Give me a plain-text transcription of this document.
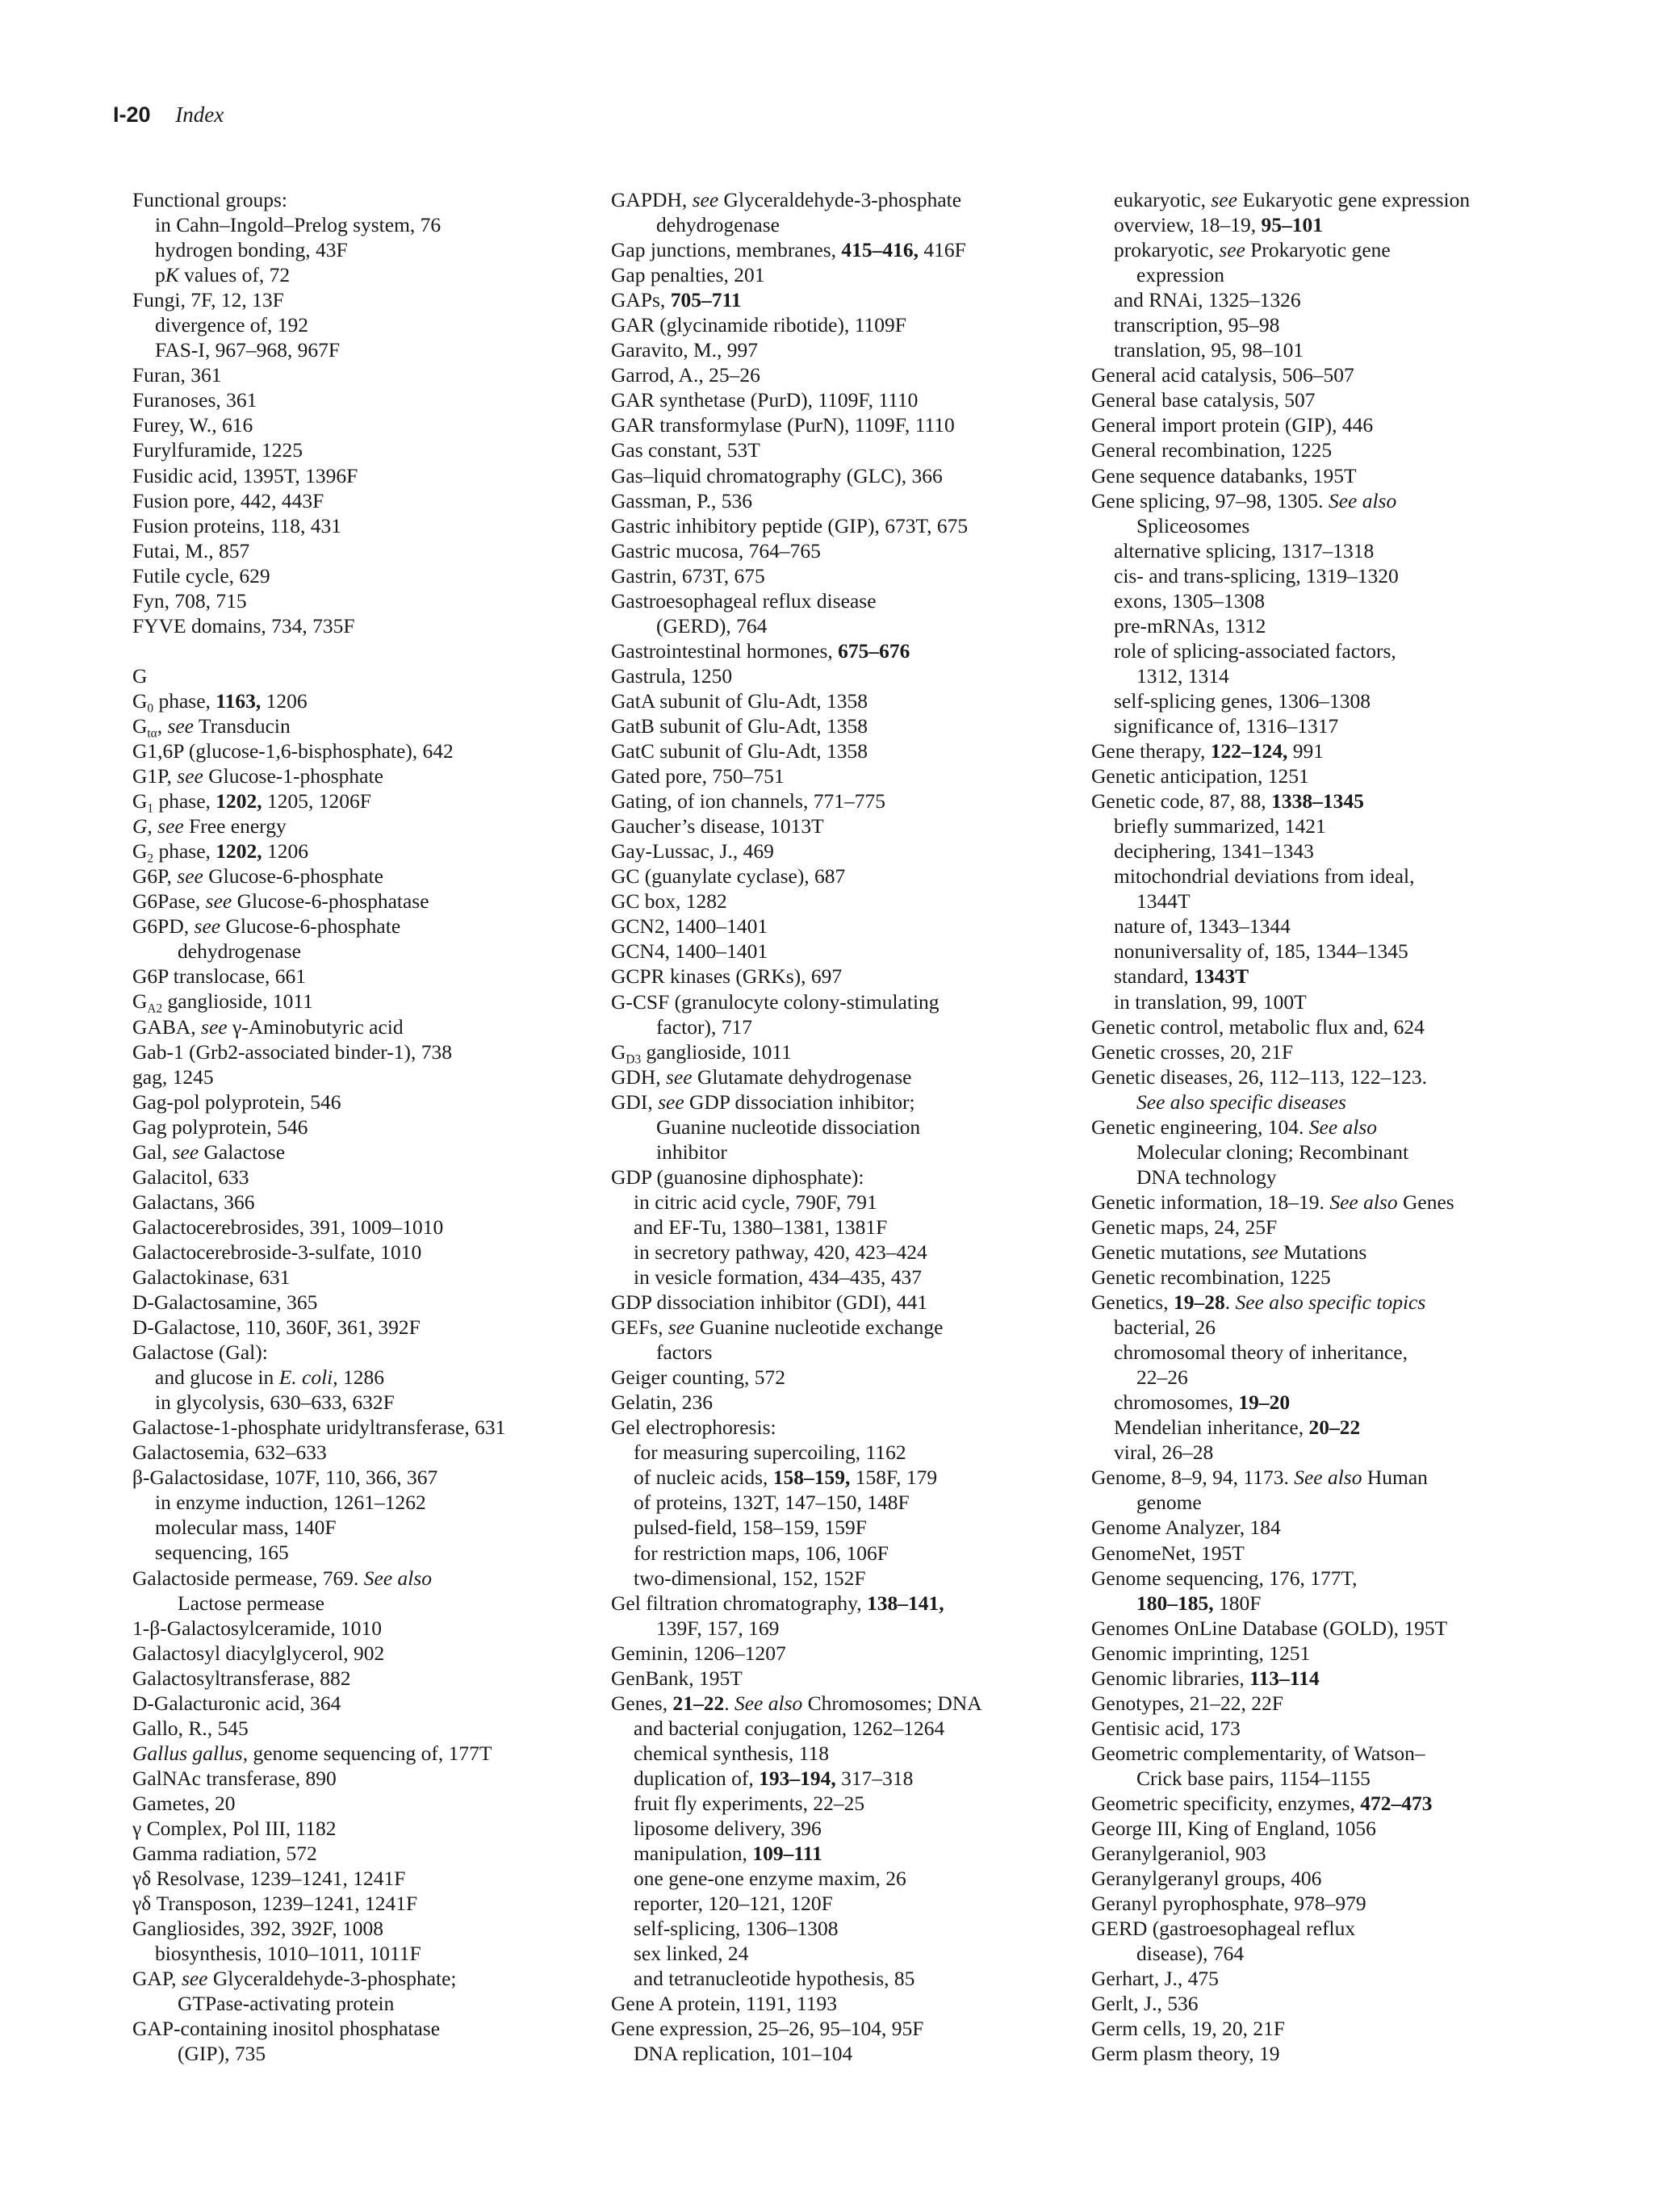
I-20 Index
Functional groups:
in Cahn–Ingold–Prelog system, 76
hydrogen bonding, 43F
pK values of, 72
Fungi, 7F, 12, 13F
divergence of, 192
FAS-I, 967–968, 967F
Furan, 361
Furanoses, 361
Furey, W., 616
Furylfuramide, 1225
Fusidic acid, 1395T, 1396F
Fusion pore, 442, 443F
Fusion proteins, 118, 431
Futai, M., 857
Futile cycle, 629
Fyn, 708, 715
FYVE domains, 734, 735F
G
$G_0$ phase, 1163, 1206
$G_{t\alpha}$, see Transducin
G1,6P (glucose-1,6-bisphosphate), 642
G1P, see Glucose-1-phosphate
$G_1$ phase, 1202, 1205, 1206F
G, see Free energy
$G_2$ phase, 1202, 1206
G6P, see Glucose-6-phosphate
G6Pase, see Glucose-6-phosphatase
G6PD, see Glucose-6-phosphate
dehydrogenase
G6P translocase, 661
$G_{A2}$ ganglioside, 1011
GABA, see γ-Aminobutyric acid
Gab-1 (Grb2-associated binder-1), 738
gag, 1245
Gag-pol polyprotein, 546
Gag polyprotein, 546
Gal, see Galactose
Galacitol, 633
Galactans, 366
Galactocerebrosides, 391, 1009–1010
Galactocerebroside-3-sulfate, 1010
Galactokinase, 631
D-Galactosamine, 365
D-Galactose, 110, 360F, 361, 392F
Galactose (Gal):
and glucose in E. coli, 1286
in glycolysis, 630–633, 632F
Galactose-1-phosphate uridyltransferase, 631
Galactosemia, 632–633
β-Galactosidase, 107F, 110, 366, 367
in enzyme induction, 1261–1262
molecular mass, 140F
sequencing, 165
Galactoside permease, 769. See also
Lactose permease
1-β-Galactosylceramide, 1010
Galactosyl diacylglycerol, 902
Galactosyltransferase, 882
D-Galacturonic acid, 364
Gallo, R., 545
Gallus gallus, genome sequencing of, 177T
GalNAc transferase, 890
Gametes, 20
γ Complex, Pol III, 1182
Gamma radiation, 572
γδ Resolvase, 1239–1241, 1241F
γδ Transposon, 1239–1241, 1241F
Gangliosides, 392, 392F, 1008
biosynthesis, 1010–1011, 1011F
GAP, see Glyceraldehyde-3-phosphate;
GTPase-activating protein
GAP-containing inositol phosphatase
(GIP), 735
GAPDH, see Glyceraldehyde-3-phosphate
dehydrogenase
Gap junctions, membranes, 415–416, 416F
Gap penalties, 201
GAPs, 705–711
GAR (glycinamide ribotide), 1109F
Garavito, M., 997
Garrod, A., 25–26
GAR synthetase (PurD), 1109F, 1110
GAR transformylase (PurN), 1109F, 1110
Gas constant, 53T
Gas–liquid chromatography (GLC), 366
Gassman, P., 536
Gastric inhibitory peptide (GIP), 673T, 675
Gastric mucosa, 764–765
Gastrin, 673T, 675
Gastroesophageal reflux disease
(GERD), 764
Gastrointestinal hormones, 675–676
Gastrula, 1250
GatA subunit of Glu-Adt, 1358
GatB subunit of Glu-Adt, 1358
GatC subunit of Glu-Adt, 1358
Gated pore, 750–751
Gating, of ion channels, 771–775
Gaucher’s disease, 1013T
Gay-Lussac, J., 469
GC (guanylate cyclase), 687
GC box, 1282
GCN2, 1400–1401
GCN4, 1400–1401
GCPR kinases (GRKs), 697
G-CSF (granulocyte colony-stimulating
factor), 717
$G_{D3}$ ganglioside, 1011
GDH, see Glutamate dehydrogenase
GDI, see GDP dissociation inhibitor;
Guanine nucleotide dissociation
inhibitor
GDP (guanosine diphosphate):
in citric acid cycle, 790F, 791
and EF-Tu, 1380–1381, 1381F
in secretory pathway, 420, 423–424
in vesicle formation, 434–435, 437
GDP dissociation inhibitor (GDI), 441
GEFs, see Guanine nucleotide exchange
factors
Geiger counting, 572
Gelatin, 236
Gel electrophoresis:
for measuring supercoiling, 1162
of nucleic acids, 158–159, 158F, 179
of proteins, 132T, 147–150, 148F
pulsed-field, 158–159, 159F
for restriction maps, 106, 106F
two-dimensional, 152, 152F
Gel filtration chromatography, 138–141,
139F, 157, 169
Geminin, 1206–1207
GenBank, 195T
Genes, 21–22. See also Chromosomes; DNA
and bacterial conjugation, 1262–1264
chemical synthesis, 118
duplication of, 193–194, 317–318
fruit fly experiments, 22–25
liposome delivery, 396
manipulation, 109–111
one gene-one enzyme maxim, 26
reporter, 120–121, 120F
self-splicing, 1306–1308
sex linked, 24
and tetranucleotide hypothesis, 85
Gene A protein, 1191, 1193
Gene expression, 25–26, 95–104, 95F
DNA replication, 101–104
eukaryotic, see Eukaryotic gene expression
overview, 18–19, 95–101
prokaryotic, see Prokaryotic gene
expression
and RNAi, 1325–1326
transcription, 95–98
translation, 95, 98–101
General acid catalysis, 506–507
General base catalysis, 507
General import protein (GIP), 446
General recombination, 1225
Gene sequence databanks, 195T
Gene splicing, 97–98, 1305. See also
Spliceosomes
alternative splicing, 1317–1318
cis- and trans-splicing, 1319–1320
exons, 1305–1308
pre-mRNAs, 1312
role of splicing-associated factors,
1312, 1314
self-splicing genes, 1306–1308
significance of, 1316–1317
Gene therapy, 122–124, 991
Genetic anticipation, 1251
Genetic code, 87, 88, 1338–1345
briefly summarized, 1421
deciphering, 1341–1343
mitochondrial deviations from ideal,
1344T
nature of, 1343–1344
nonuniversality of, 185, 1344–1345
standard, 1343T
in translation, 99, 100T
Genetic control, metabolic flux and, 624
Genetic crosses, 20, 21F
Genetic diseases, 26, 112–113, 122–123.
See also specific diseases
Genetic engineering, 104. See also
Molecular cloning; Recombinant
DNA technology
Genetic information, 18–19. See also Genes
Genetic maps, 24, 25F
Genetic mutations, see Mutations
Genetic recombination, 1225
Genetics, 19–28. See also specific topics
bacterial, 26
chromosomal theory of inheritance,
22–26
chromosomes, 19–20
Mendelian inheritance, 20–22
viral, 26–28
Genome, 8–9, 94, 1173. See also Human
genome
Genome Analyzer, 184
GenomeNet, 195T
Genome sequencing, 176, 177T,
180–185, 180F
Genomes OnLine Database (GOLD), 195T
Genomic imprinting, 1251
Genomic libraries, 113–114
Genotypes, 21–22, 22F
Gentisic acid, 173
Geometric complementarity, of Watson–
Crick base pairs, 1154–1155
Geometric specificity, enzymes, 472–473
George III, King of England, 1056
Geranylgeraniol, 903
Geranylgeranyl groups, 406
Geranyl pyrophosphate, 978–979
GERD (gastroesophageal reflux
disease), 764
Gerhart, J., 475
Gerlt, J., 536
Germ cells, 19, 20, 21F
Germ plasm theory, 19
